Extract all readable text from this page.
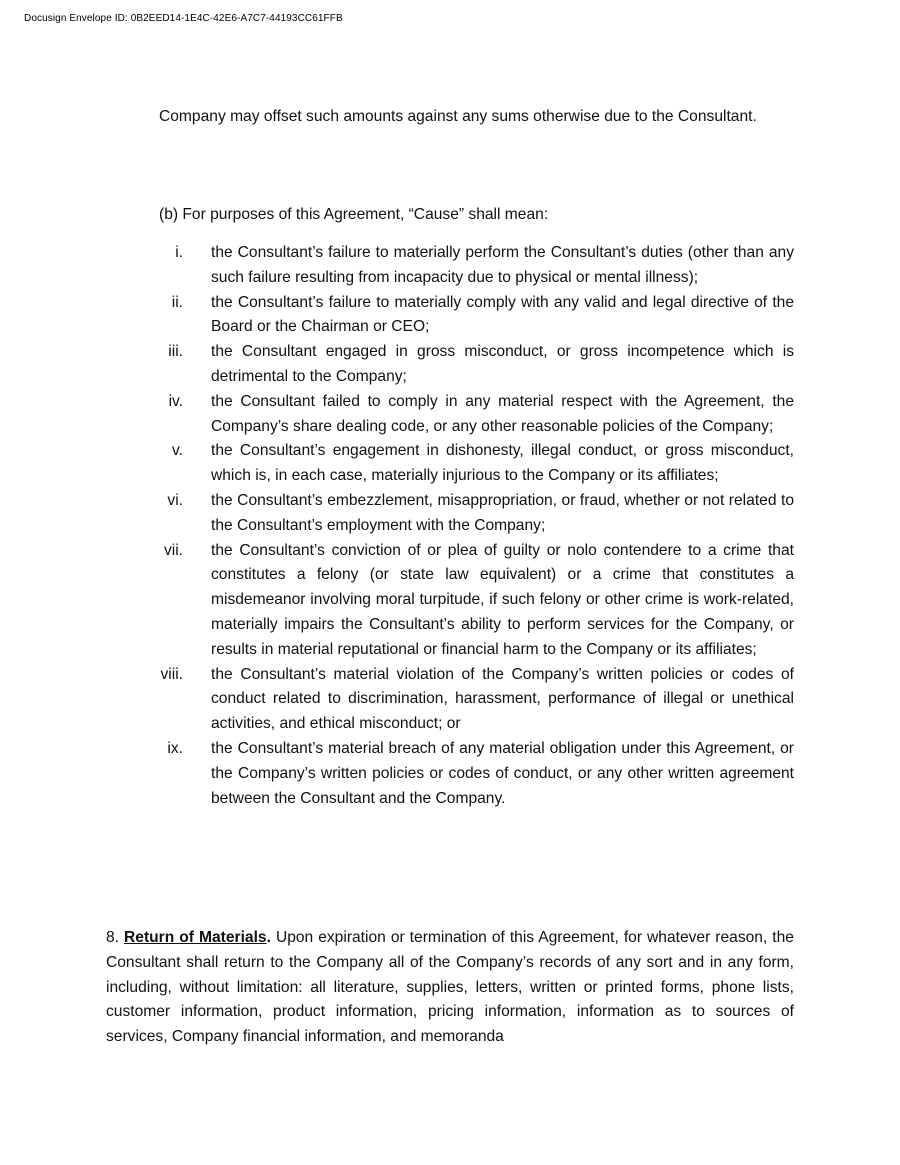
Docusign Envelope ID: 0B2EED14-1E4C-42E6-A7C7-44193CC61FFB

Company may offset such amounts against any sums otherwise due to the Consultant.

(b) For purposes of this Agreement, “Cause” shall mean:

i. the Consultant’s failure to materially perform the Consultant’s duties (other than any such failure resulting from incapacity due to physical or mental illness);
ii. the Consultant’s failure to materially comply with any valid and legal directive of the Board or the Chairman or CEO;
iii. the Consultant engaged in gross misconduct, or gross incompetence which is detrimental to the Company;
iv. the Consultant failed to comply in any material respect with the Agreement, the Company’s share dealing code, or any other reasonable policies of the Company;
v. the Consultant’s engagement in dishonesty, illegal conduct, or gross misconduct, which is, in each case, materially injurious to the Company or its affiliates;
vi. the Consultant’s embezzlement, misappropriation, or fraud, whether or not related to the Consultant’s employment with the Company;
vii. the Consultant’s conviction of or plea of guilty or nolo contendere to a crime that constitutes a felony (or state law equivalent) or a crime that constitutes a misdemeanor involving moral turpitude, if such felony or other crime is work-related, materially impairs the Consultant’s ability to perform services for the Company, or results in material reputational or financial harm to the Company or its affiliates;
viii. the Consultant’s material violation of the Company’s written policies or codes of conduct related to discrimination, harassment, performance of illegal or unethical activities, and ethical misconduct; or
ix. the Consultant’s material breach of any material obligation under this Agreement, or the Company’s written policies or codes of conduct, or any other written agreement between the Consultant and the Company.

8. Return of Materials. Upon expiration or termination of this Agreement, for whatever reason, the Consultant shall return to the Company all of the Company’s records of any sort and in any form, including, without limitation: all literature, supplies, letters, written or printed forms, phone lists, customer information, product information, pricing information, information as to sources of services, Company financial information, and memoranda
